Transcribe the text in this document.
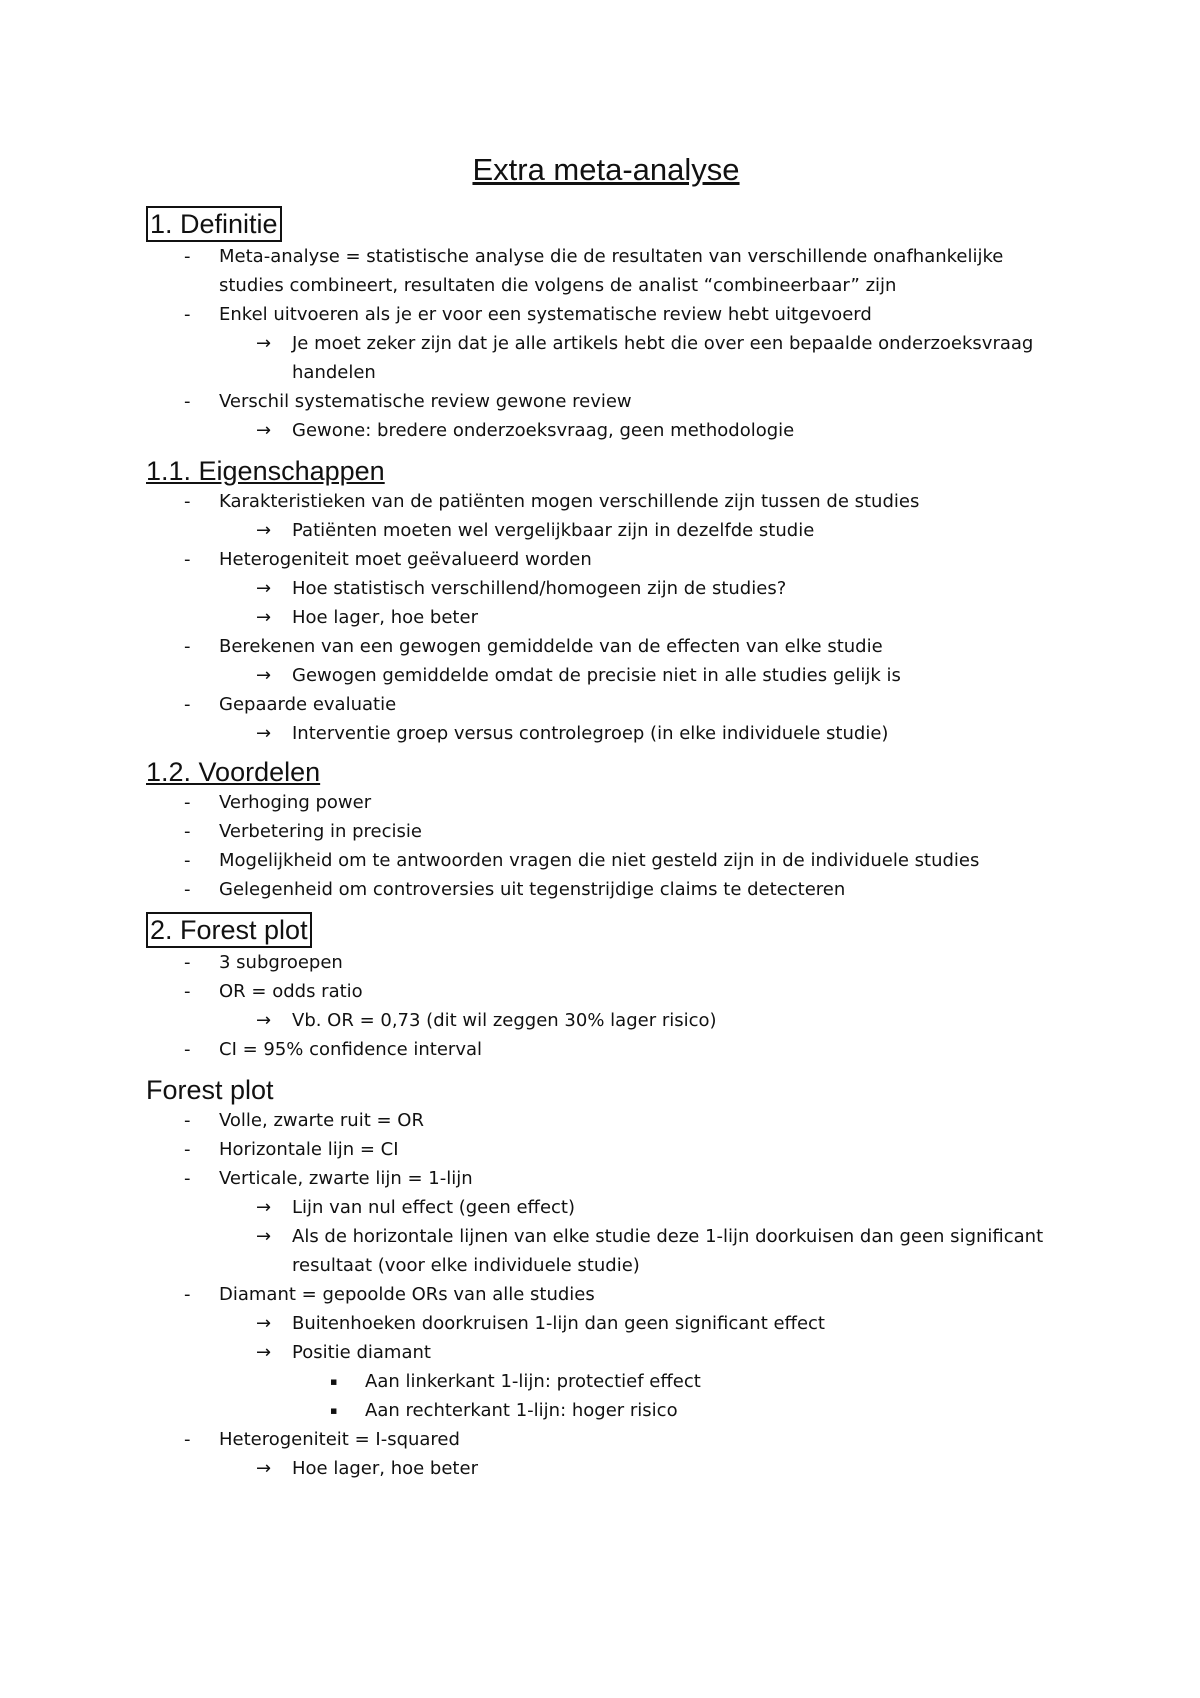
Extra meta-analyse
1. Definitie
- Meta-analyse = statistische analyse die de resultaten van verschillende onafhankelijke studies combineert, resultaten die volgens de analist “combineerbaar” zijn
- Enkel uitvoeren als je er voor een systematische review hebt uitgevoerd
→ Je moet zeker zijn dat je alle artikels hebt die over een bepaalde onderzoeksvraag handelen
- Verschil systematische review gewone review
→ Gewone: bredere onderzoeksvraag, geen methodologie
1.1. Eigenschappen
- Karakteristieken van de patiënten mogen verschillende zijn tussen de studies
→ Patiënten moeten wel vergelijkbaar zijn in dezelfde studie
- Heterogeniteit moet geëvalueerd worden
→ Hoe statistisch verschillend/homogeen zijn de studies?
→ Hoe lager, hoe beter
- Berekenen van een gewogen gemiddelde van de effecten van elke studie
→ Gewogen gemiddelde omdat de precisie niet in alle studies gelijk is
- Gepaarde evaluatie
→ Interventie groep versus controlegroep (in elke individuele studie)
1.2. Voordelen
- Verhoging power
- Verbetering in precisie
- Mogelijkheid om te antwoorden vragen die niet gesteld zijn in de individuele studies
- Gelegenheid om controversies uit tegenstrijdige claims te detecteren
2. Forest plot
- 3 subgroepen
- OR = odds ratio
→ Vb. OR = 0,73 (dit wil zeggen 30% lager risico)
- CI = 95% confidence interval
Forest plot
- Volle, zwarte ruit = OR
- Horizontale lijn = CI
- Verticale, zwarte lijn = 1-lijn
→ Lijn van nul effect (geen effect)
→ Als de horizontale lijnen van elke studie deze 1-lijn doorkuisen dan geen significant resultaat (voor elke individuele studie)
- Diamant = gepoolde ORs van alle studies
→ Buitenhoeken doorkruisen 1-lijn dan geen significant effect
→ Positie diamant
▪ Aan linkerkant 1-lijn: protectief effect
▪ Aan rechterkant 1-lijn: hoger risico
- Heterogeniteit = I-squared
→ Hoe lager, hoe beter
